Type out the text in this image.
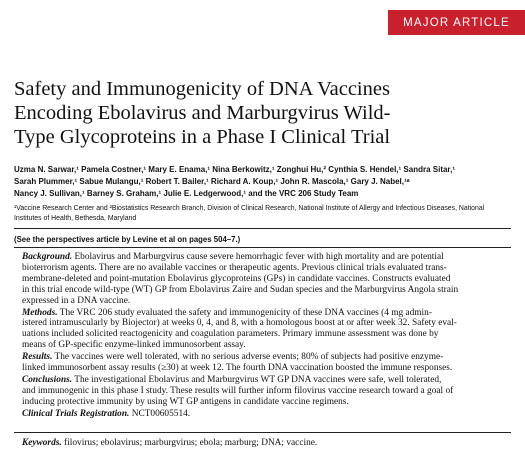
MAJOR ARTICLE
Safety and Immunogenicity of DNA Vaccines
Encoding Ebolavirus and Marburgvirus Wild-
Type Glycoproteins in a Phase I Clinical Trial
Uzma N. Sarwar,¹ Pamela Costner,¹ Mary E. Enama,¹ Nina Berkowitz,¹ Zonghui Hu,² Cynthia S. Hendel,¹ Sandra Sitar,¹
Sarah Plummer,¹ Sabue Mulangu,¹ Robert T. Bailer,¹ Richard A. Koup,¹ John R. Mascola,¹ Gary J. Nabel,¹ᵃ
Nancy J. Sullivan,¹ Barney S. Graham,¹ Julie E. Ledgerwood,¹ and the VRC 206 Study Team
¹Vaccine Research Center and ²Biostatistics Research Branch, Division of Clinical Research, National Institute of Allergy and Infectious Diseases, National
Institutes of Health, Bethesda, Maryland
(See the perspectives article by Levine et al on pages 504–7.)
Background. Ebolavirus and Marburgvirus cause severe hemorrhagic fever with high mortality and are potential
bioterrorism agents. There are no available vaccines or therapeutic agents. Previous clinical trials evaluated trans-
membrane-deleted and point-mutation Ebolavirus glycoproteins (GPs) in candidate vaccines. Constructs evaluated
in this trial encode wild-type (WT) GP from Ebolavirus Zaire and Sudan species and the Marburgvirus Angola strain
expressed in a DNA vaccine.
Methods. The VRC 206 study evaluated the safety and immunogenicity of these DNA vaccines (4 mg admin-
istered intramuscularly by Biojector) at weeks 0, 4, and 8, with a homologous boost at or after week 32. Safety eval-
uations included solicited reactogenicity and coagulation parameters. Primary immune assessment was done by
means of GP-specific enzyme-linked immunosorbent assay.
Results. The vaccines were well tolerated, with no serious adverse events; 80% of subjects had positive enzyme-
linked immunosorbent assay results (≥30) at week 12. The fourth DNA vaccination boosted the immune responses.
Conclusions. The investigational Ebolavirus and Marburgvirus WT GP DNA vaccines were safe, well tolerated,
and immunogenic in this phase I study. These results will further inform filovirus vaccine research toward a goal of
inducing protective immunity by using WT GP antigens in candidate vaccine regimens.
Clinical Trials Registration. NCT00605514.
Keywords. filovirus; ebolavirus; marburgvirus; ebola; marburg; DNA; vaccine.
